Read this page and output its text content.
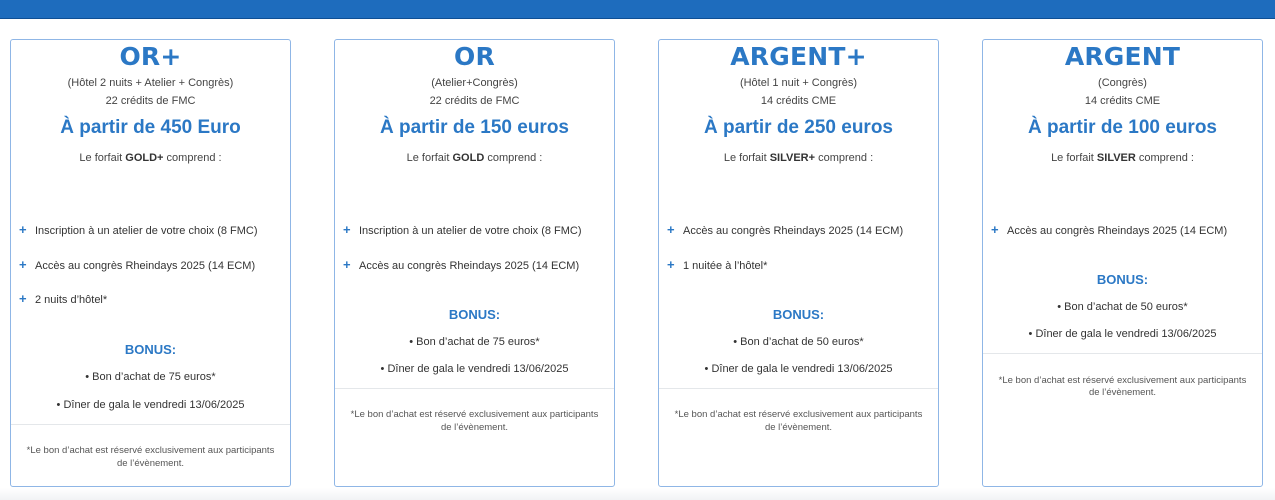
OR+
(Hôtel 2 nuits + Atelier + Congrès)
22 crédits de FMC
À partir de 450 Euro
Le forfait GOLD+ comprend :
+ Inscription à un atelier de votre choix (8 FMC)
+ Accès au congrès Rheindays 2025 (14 ECM)
+ 2 nuits d’hôtel*
BONUS:
• Bon d’achat de 75 euros*
• Dîner de gala le vendredi 13/06/2025
*Le bon d’achat est réservé exclusivement aux participants
de l’évènement.
OR
(Atelier+Congrès)
22 crédits de FMC
À partir de 150 euros
Le forfait GOLD comprend :
+ Inscription à un atelier de votre choix (8 FMC)
+ Accès au congrès Rheindays 2025 (14 ECM)
BONUS:
• Bon d’achat de 75 euros*
• Dîner de gala le vendredi 13/06/2025
*Le bon d’achat est réservé exclusivement aux participants
de l’évènement.
ARGENT+
(Hôtel 1 nuit + Congrès)
14 crédits CME
À partir de 250 euros
Le forfait SILVER+ comprend :
+ Accès au congrès Rheindays 2025 (14 ECM)
+ 1 nuitée à l’hôtel*
BONUS:
• Bon d’achat de 50 euros*
• Dîner de gala le vendredi 13/06/2025
*Le bon d’achat est réservé exclusivement aux participants
de l’évènement.
ARGENT
(Congrès)
14 crédits CME
À partir de 100 euros
Le forfait SILVER comprend :
+ Accès au congrès Rheindays 2025 (14 ECM)
BONUS:
• Bon d’achat de 50 euros*
• Dîner de gala le vendredi 13/06/2025
*Le bon d’achat est réservé exclusivement aux participants
de l’évènement.
